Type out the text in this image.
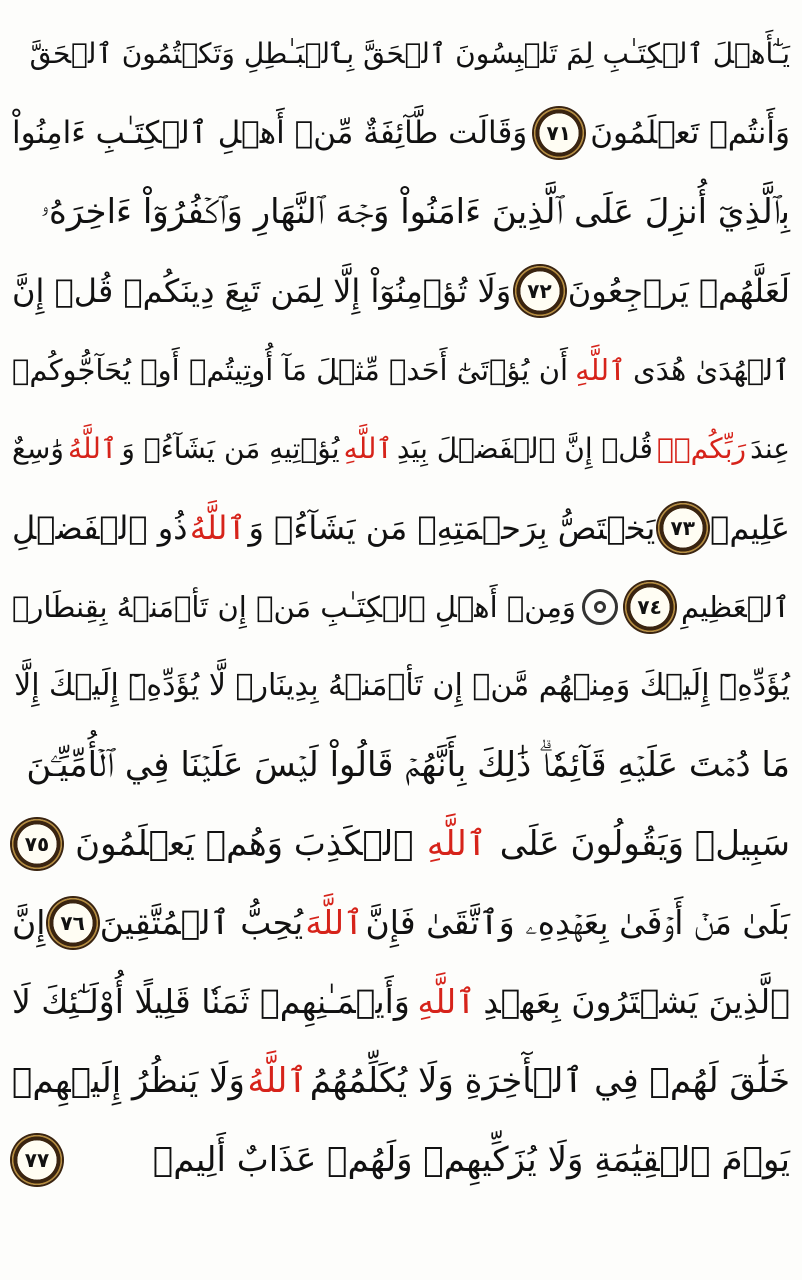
يَـٰٓأَهۡلَ ٱلۡكِتَـٰبِ لِمَ تَلۡبِسُونَ ٱلۡحَقَّ بِٱلۡبَـٰطِلِ وَتَكۡتُمُونَ ٱلۡحَقَّ
وَأَنتُمۡ تَعۡلَمُونَ
٧١
وَقَالَت طَّآئِفَةٌ مِّنۡ أَهۡلِ ٱلۡكِتَـٰبِ ءَامِنُواْ
بِٱلَّذِيٓ أُنزِلَ عَلَى ٱلَّذِينَ ءَامَنُواْ وَجۡهَ ٱلنَّهَارِ وَٱكۡفُرُوٓاْ ءَاخِرَهُۥ
لَعَلَّهُمۡ يَرۡجِعُونَ
٧٢
وَلَا تُؤۡمِنُوٓاْ إِلَّا لِمَن تَبِعَ دِينَكُمۡ قُلۡ إِنَّ
ٱلۡهُدَىٰ هُدَى
ٱللَّهِ
أَن يُؤۡتَىٰٓ أَحَدٞ مِّثۡلَ مَآ أُوتِيتُمۡ أَوۡ يُحَآجُّوكُمۡ
عِندَ
رَبِّكُمۡۗ
قُلۡ إِنَّ ٱلۡفَضۡلَ بِيَدِ
ٱللَّهِ
يُؤۡتِيهِ مَن يَشَآءُۗ وَ
ٱللَّهُ
وَٰسِعٌ
عَلِيمٞ
٧٣
يَخۡتَصُّ بِرَحۡمَتِهِۦ مَن يَشَآءُۗ وَ
ٱللَّهُ
ذُو ٱلۡفَضۡلِ
ٱلۡعَظِيمِ
٧٤
وَمِنۡ أَهۡلِ ٱلۡكِتَـٰبِ مَنۡ إِن تَأۡمَنۡهُ بِقِنطَارٖ
يُؤَدِّهِۦٓ إِلَيۡكَ وَمِنۡهُم مَّنۡ إِن تَأۡمَنۡهُ بِدِينَارٖ لَّا يُؤَدِّهِۦٓ إِلَيۡكَ إِلَّا
مَا دُمۡتَ عَلَيۡهِ قَآئِمٗاۗ ذَٰلِكَ بِأَنَّهُمۡ قَالُواْ لَيۡسَ عَلَيۡنَا فِي ٱلۡأُمِّيِّـۧنَ
سَبِيلٞ وَيَقُولُونَ عَلَى
ٱللَّهِ
ٱلۡكَذِبَ وَهُمۡ يَعۡلَمُونَ
٧٥
بَلَىٰ مَنۡ أَوۡفَىٰ بِعَهۡدِهِۦ وَٱتَّقَىٰ فَإِنَّ
ٱللَّهَ
يُحِبُّ ٱلۡمُتَّقِينَ
٧٦
إِنَّ
ٱلَّذِينَ يَشۡتَرُونَ بِعَهۡدِ
ٱللَّهِ
وَأَيۡمَـٰنِهِمۡ ثَمَنٗا قَلِيلًا أُوْلَـٰٓئِكَ لَا
خَلَٰقَ لَهُمۡ فِي ٱلۡأٓخِرَةِ وَلَا يُكَلِّمُهُمُ
ٱللَّهُ
وَلَا يَنظُرُ إِلَيۡهِمۡ
يَوۡمَ ٱلۡقِيَٰمَةِ وَلَا يُزَكِّيهِمۡ وَلَهُمۡ عَذَابٌ أَلِيمٞ
٧٧
